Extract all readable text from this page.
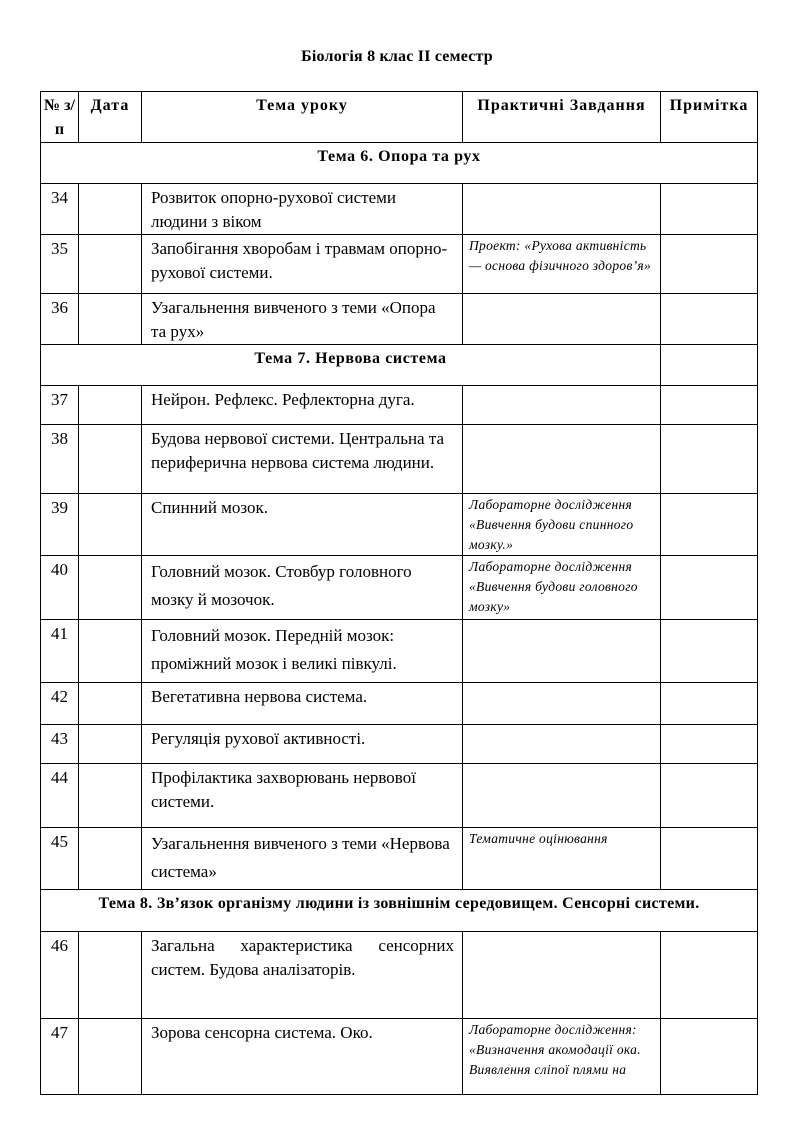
Біологія 8 клас II семестр
№ з/п	Дата	Тема уроку	Практичні Завдання	Примітка
Тема 6. Опора та рух				
34		Розвиток опорно-рухової системи людини з віком		
35		Запобігання хворобам і травмам опорно-рухової системи.	Проект: «Рухова активність — основа фізичного здоров’я»	
36		Узагальнення вивченого з теми «Опора та рух»		
Тема 7. Нервова система				
37		Нейрон. Рефлекс. Рефлекторна дуга.		
38		Будова нервової системи. Центральна та периферична нервова система людини.		
39		Спинний мозок.	Лабораторне дослідження «Вивчення будови спинного мозку.»	
40		Головний мозок. Стовбур головного мозку й мозочок.	Лабораторне дослідження «Вивчення будови головного мозку»	
41		Головний мозок. Передній мозок: проміжний мозок і великі півкулі.		
42		Вегетативна нервова система.		
43		Регуляція рухової активності.		
44		Профілактика захворювань нервової системи.		
45		Узагальнення вивченого з теми «Нервова система»	Тематичне оцінювання	
Тема 8. Зв’язок організму людини із зовнішнім середовищем. Сенсорні системи.				
46		Загальна характеристика сенсорних систем. Будова аналізаторів.		
47		Зорова сенсорна система. Око.	Лабораторне дослідження: «Визначення акомодації ока. Виявлення сліпої плями на	
